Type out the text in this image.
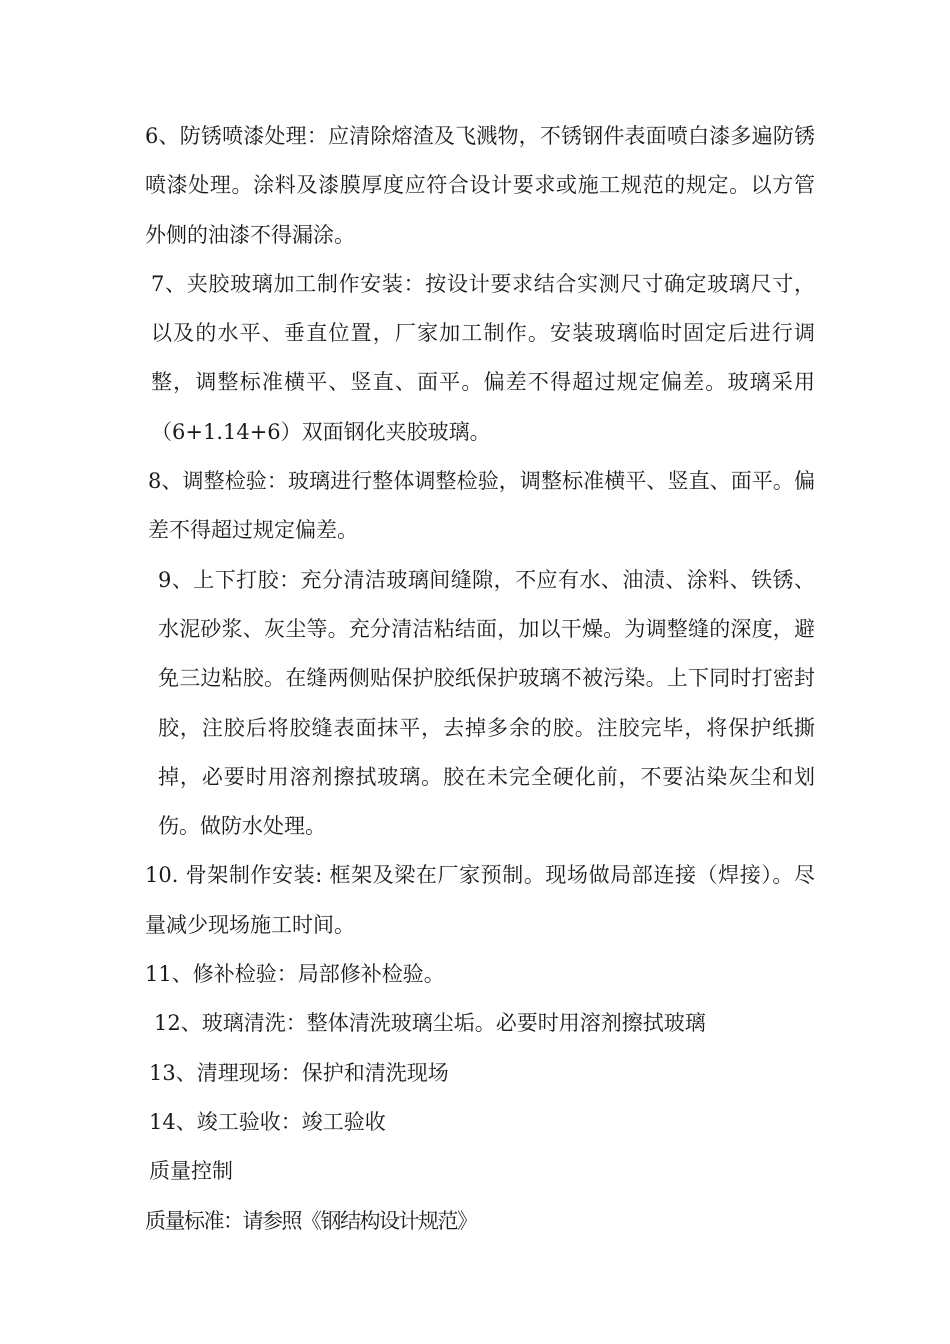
6、防锈喷漆处理：应清除熔渣及飞溅物，不锈钢件表面喷白漆多遍防锈喷漆处理。涂料及漆膜厚度应符合设计要求或施工规范的规定。以方管外侧的油漆不得漏涂。

7、夹胶玻璃加工制作安装：按设计要求结合实测尺寸确定玻璃尺寸，以及的水平、垂直位置，厂家加工制作。安装玻璃临时固定后进行调整，调整标准横平、竖直、面平。偏差不得超过规定偏差。玻璃采用（6+1.14+6）双面钢化夹胶玻璃。

8、调整检验：玻璃进行整体调整检验，调整标准横平、竖直、面平。偏差不得超过规定偏差。

9、上下打胶：充分清洁玻璃间缝隙，不应有水、油渍、涂料、铁锈、水泥砂浆、灰尘等。充分清洁粘结面，加以干燥。为调整缝的深度，避免三边粘胶。在缝两侧贴保护胶纸保护玻璃不被污染。上下同时打密封胶，注胶后将胶缝表面抹平，去掉多余的胶。注胶完毕，将保护纸撕掉，必要时用溶剂擦拭玻璃。胶在未完全硬化前，不要沾染灰尘和划伤。做防水处理。

10. 骨架制作安装: 框架及梁在厂家预制。现场做局部连接（焊接）。尽量减少现场施工时间。

11、修补检验：局部修补检验。

12、玻璃清洗：整体清洗玻璃尘垢。必要时用溶剂擦拭玻璃

13、清理现场：保护和清洗现场

14、竣工验收：竣工验收

质量控制

质量标准：请参照《钢结构设计规范》
